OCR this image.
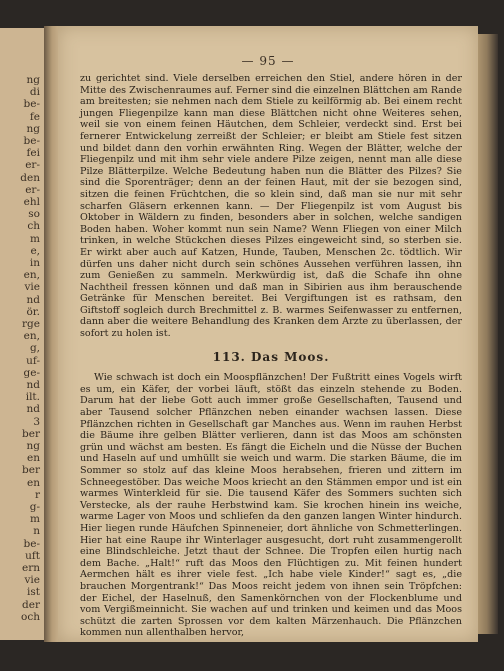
ng
di
be-
fe
ng
be-
fei
er-
den
er-
ehl
so
ch
m
e,
in
en,
vie
nd
ör.
rge
en,
g,
uf-
ge-
nd
ilt.
nd
3
ber
ng
en
ber
en
r
g-
m
n
be-
uft
ern
vie
ist
der
och
— 95 —

zu gerichtet sind. Viele derselben erreichen den Stiel, andere hören in der Mitte des Zwischenraumes auf. Ferner sind die einzelnen Blättchen am Rande am breitesten; sie nehmen nach dem Stiele zu keilförmig ab. Bei einem recht jungen Fliegenpilze kann man diese Blättchen nicht ohne Weiteres sehen, weil sie von einem feinen Häutchen, dem Schleier, verdeckt sind. Erst bei fernerer Entwickelung zerreißt der Schleier; er bleibt am Stiele fest sitzen und bildet dann den vorhin erwähnten Ring. Wegen der Blätter, welche der Fliegenpilz und mit ihm sehr viele andere Pilze zeigen, nennt man alle diese Pilze Blätterpilze. Welche Bedeutung haben nun die Blätter des Pilzes? Sie sind die Sporenträger; denn an der feinen Haut, mit der sie bezogen sind, sitzen die feinen Früchtchen, die so klein sind, daß man sie nur mit sehr scharfen Gläsern erkennen kann. — Der Fliegenpilz ist vom August bis Oktober in Wäldern zu finden, besonders aber in solchen, welche sandigen Boden haben. Woher kommt nun sein Name? Wenn Fliegen von einer Milch trinken, in welche Stückchen dieses Pilzes eingeweicht sind, so sterben sie. Er wirkt aber auch auf Katzen, Hunde, Tauben, Menschen 2c. tödtlich. Wir dürfen uns daher nicht durch sein schönes Aussehen verführen lassen, ihn zum Genießen zu sammeln. Merkwürdig ist, daß die Schafe ihn ohne Nachtheil fressen können und daß man in Sibirien aus ihm berauschende Getränke für Menschen bereitet. Bei Vergiftungen ist es rathsam, den Giftstoff sogleich durch Brechmittel z. B. warmes Seifenwasser zu entfernen, dann aber die weitere Behandlung des Kranken dem Arzte zu überlassen, der sofort zu holen ist.

113. Das Moos.

Wie schwach ist doch ein Moospflänzchen! Der Fußtritt eines Vogels wirft es um, ein Käfer, der vorbei läuft, stößt das einzeln stehende zu Boden. Darum hat der liebe Gott auch immer große Gesellschaften, Tausend und aber Tausend solcher Pflänzchen neben einander wachsen lassen. Diese Pflänzchen richten in Gesellschaft gar Manches aus. Wenn im rauhen Herbst die Bäume ihre gelben Blätter verlieren, dann ist das Moos am schönsten grün und wächst am besten. Es fängt die Eicheln und die Nüsse der Buchen und Haseln auf und umhüllt sie weich und warm. Die starken Bäume, die im Sommer so stolz auf das kleine Moos herabsehen, frieren und zittern im Schneegestöber. Das weiche Moos kriecht an den Stämmen empor und ist ein warmes Winterkleid für sie. Die tausend Käfer des Sommers suchten sich Verstecke, als der rauhe Herbstwind kam. Sie krochen hinein ins weiche, warme Lager von Moos und schliefen da den ganzen langen Winter hindurch. Hier liegen runde Häufchen Spinneneier, dort ähnliche von Schmetterlingen. Hier hat eine Raupe ihr Winterlager ausgesucht, dort ruht zusammengerollt eine Blindschleiche. Jetzt thaut der Schnee. Die Tropfen eilen hurtig nach dem Bache. „Halt!“ ruft das Moos den Flüchtigen zu. Mit feinen hundert Aermchen hält es ihrer viele fest. „Ich habe viele Kinder!“ sagt es, „die brauchen Morgentrank!“ Das Moos reicht jedem von ihnen sein Tröpfchen: der Eichel, der Haselnuß, den Samenkörnchen von der Flockenblume und vom Vergißmeinnicht. Sie wachen auf und trinken und keimen und das Moos schützt die zarten Sprossen vor dem kalten Märzenhauch. Die Pflänzchen kommen nun allenthalben hervor,
